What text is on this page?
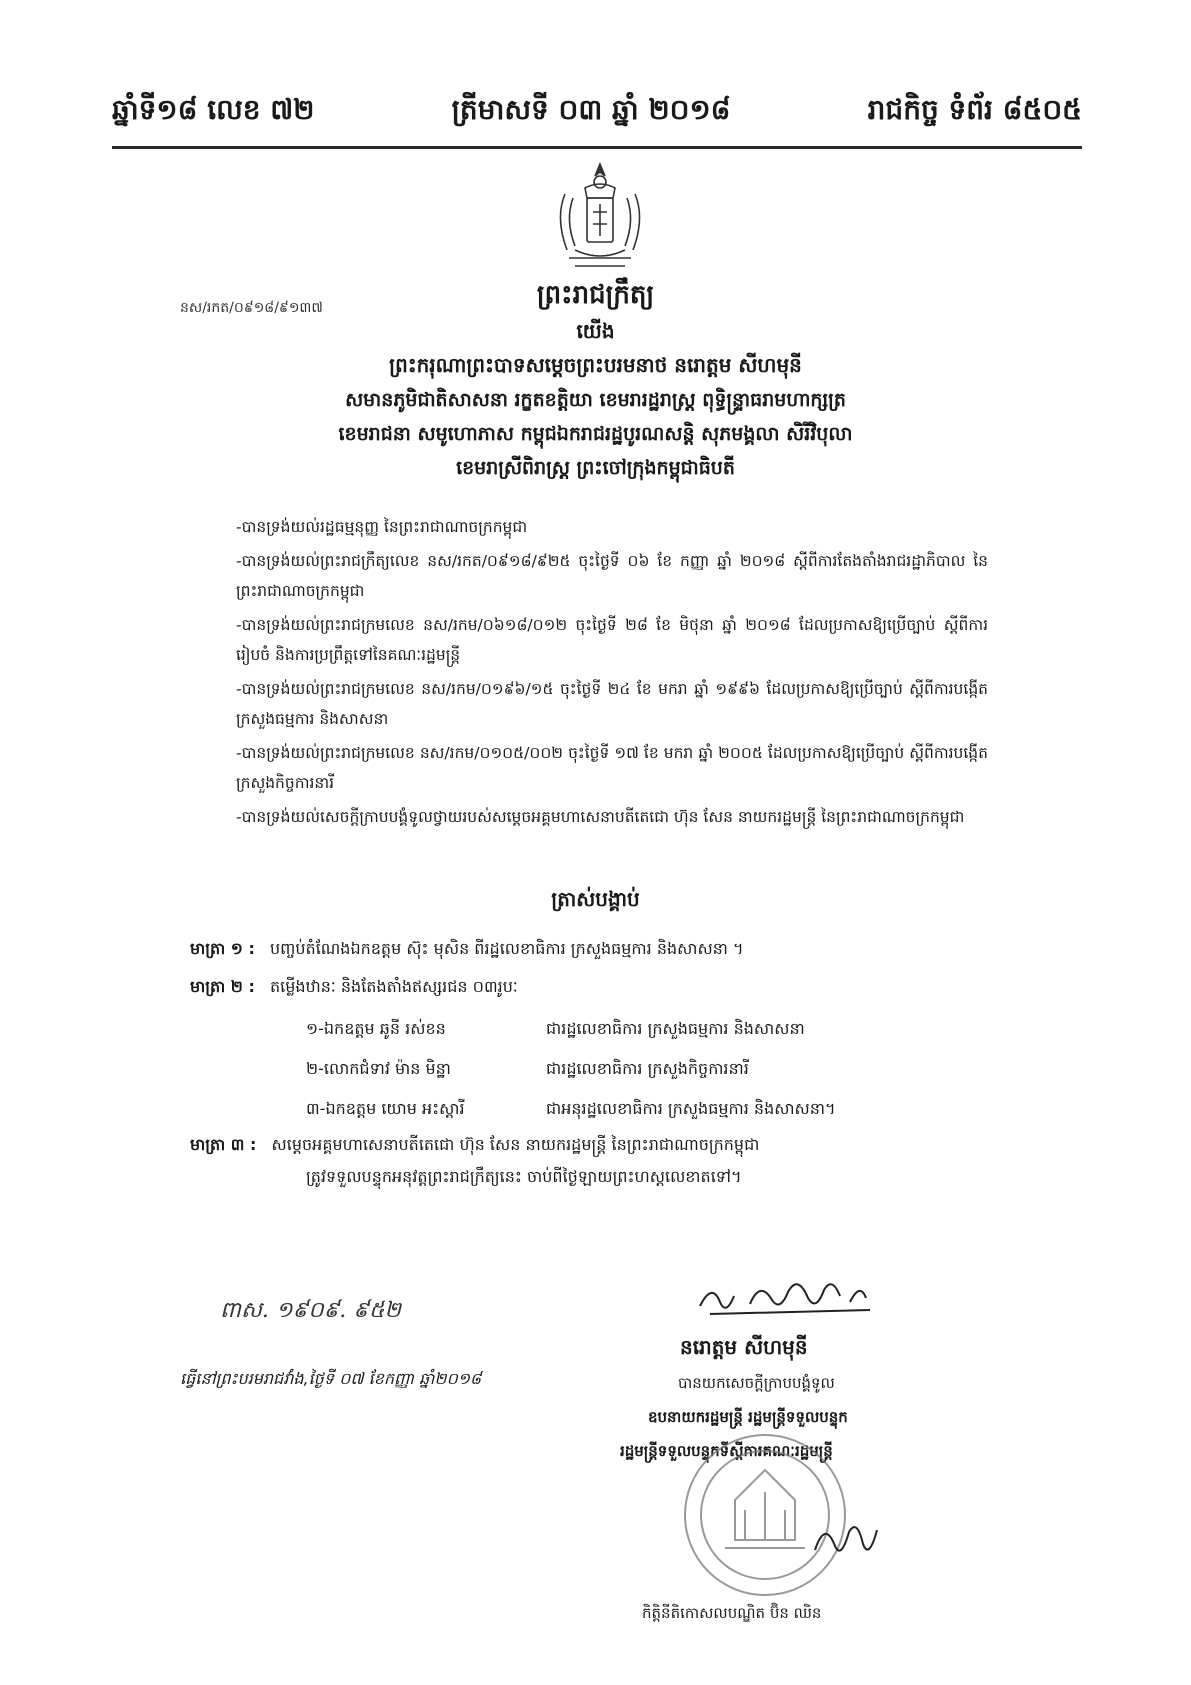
ឆ្នាំទី១៨ លេខ ៧២	ត្រីមាសទី ០៣ ឆ្នាំ ២០១៨	រាជកិច្ច ទំព័រ ៨៥០៥
នស/រកត/០៩១៨/៩១៣៧	ព្រះរាជក្រឹត្យ
យើង
ព្រះករុណាព្រះបាទសម្តេចព្រះបរមនាថ នរោត្តម សីហមុនី
សមានភូមិជាតិសាសនា រក្ខតខត្តិយា ខេមរារដ្ឋរាស្ត្រ ពុទ្ធិន្ទ្រាធរាមហាក្សត្រ
ខេមរាជនា សមូហោភាស កម្ពុជឯករាជរដ្ឋបូរណសន្តិ សុភមង្គលា សិរីវិបុលា
ខេមរាស្រីពិរាស្ត្រ ព្រះចៅក្រុងកម្ពុជាធិបតី

-បានទ្រង់យល់រដ្ឋធម្មនុញ្ញ នៃព្រះរាជាណាចក្រកម្ពុជា

-បានទ្រង់យល់ព្រះរាជក្រឹត្យលេខ នស/រកត/០៩១៨/៩២៥ ចុះថ្ងៃទី ០៦ ខែ កញ្ញា ឆ្នាំ ២០១៨ ស្តីពីការតែងតាំងរាជរដ្ឋាភិបាល នៃព្រះរាជាណាចក្រកម្ពុជា

-បានទ្រង់យល់ព្រះរាជក្រមលេខ នស/រកម/០៦១៨/០១២ ចុះថ្ងៃទី ២៨ ខែ មិថុនា ឆ្នាំ ២០១៨ ដែលប្រកាសឱ្យប្រើច្បាប់ ស្តីពីការរៀបចំ និងការប្រព្រឹត្តទៅនៃគណៈរដ្ឋមន្ត្រី

-បានទ្រង់យល់ព្រះរាជក្រមលេខ នស/រកម/០១៩៦/១៥ ចុះថ្ងៃទី ២៤ ខែ មករា ឆ្នាំ ១៩៩៦ ដែលប្រកាសឱ្យប្រើច្បាប់ ស្តីពីការបង្កើតក្រសួងធម្មការ និងសាសនា

-បានទ្រង់យល់ព្រះរាជក្រមលេខ នស/រកម/០១០៥/០០២ ចុះថ្ងៃទី ១៧ ខែ មករា ឆ្នាំ ២០០៥ ដែលប្រកាសឱ្យប្រើច្បាប់ ស្តីពីការបង្កើតក្រសួងកិច្ចការនារី

-បានទ្រង់យល់សេចក្តីក្រាបបង្គំទូលថ្វាយរបស់សម្តេចអគ្គមហាសេនាបតីតេជោ ហ៊ុន សែន នាយករដ្ឋមន្ត្រី នៃព្រះរាជាណាចក្រកម្ពុជា

ត្រាស់បង្គាប់
មាត្រា ១ : បញ្ចប់តំណែងឯកឧត្តម ស៊ុះ មុសិន ពីរដ្ឋលេខាធិការ ក្រសួងធម្មការ និងសាសនា ។
មាត្រា ២ : តម្លើងឋានៈ និងតែងតាំងឥស្សរជន ០៣រូបៈ
១-ឯកឧត្តម ឆូនី រស់ខន	ជារដ្ឋលេខាធិការ ក្រសួងធម្មការ និងសាសនា
២-លោកជំទាវ ម៉ាន មិន្ឋា	ជារដ្ឋលេខាធិការ ក្រសួងកិច្ចការនារី
៣-ឯកឧត្តម យោម អះស្តារី	ជាអនុរដ្ឋលេខាធិការ ក្រសួងធម្មការ និងសាសនា។
មាត្រា ៣ : សម្តេចអគ្គមហាសេនាបតីតេជោ ហ៊ុន សែន នាយករដ្ឋមន្ត្រី នៃព្រះរាជាណាចក្រកម្ពុជា
ត្រូវទទួលបន្ទុកអនុវត្តព្រះរាជក្រឹត្យនេះ ចាប់ពីថ្ងៃឡាយព្រះហស្តលេខាតទៅ។
ពាស. ១៩០៩. ៩៥២
ធ្វើនៅព្រះបរមរាជវាំង,ថ្ងៃទី ០៧ ខែកញ្ញា ឆ្នាំ២០១៨
នរោត្តម សីហមុនី
បានយកសេចក្តីក្រាបបង្គំទូល
ឧបនាយករដ្ឋមន្ត្រី រដ្ឋមន្ត្រីទទួលបន្ទុក
រដ្ឋមន្ត្រីទទួលបន្ទុកទីស្តីការគណៈរដ្ឋមន្ត្រី
កិត្តិនីតិកោសលបណ្ឌិត ប៊ិន ឈិន
